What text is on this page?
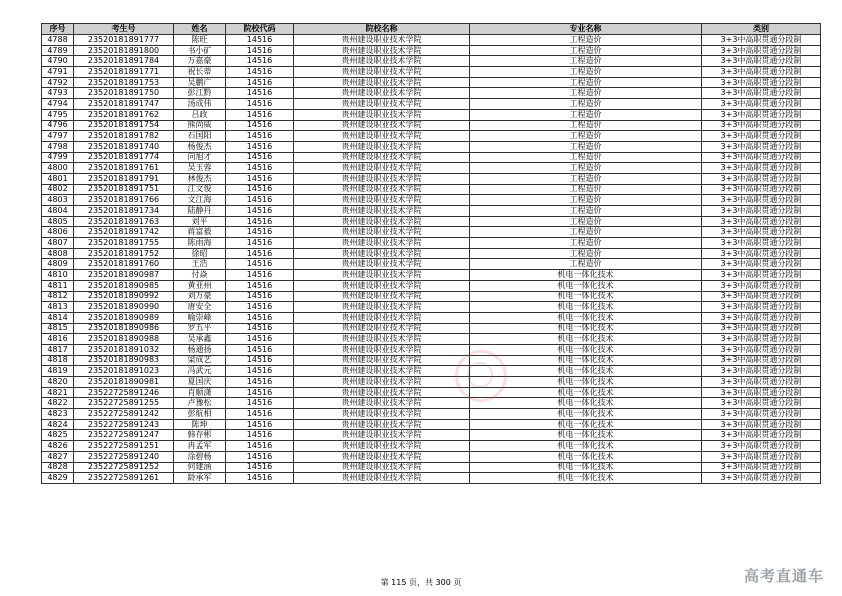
序号	考生号	姓名	院校代码	院校名称	专业名称	类别
4788	23520181891777	陈旺	14516	贵州建设职业技术学院	工程造价	3+3中高职贯通分段制
4789	23520181891800	书小矿	14516	贵州建设职业技术学院	工程造价	3+3中高职贯通分段制
4790	23520181891784	万嘉豪	14516	贵州建设职业技术学院	工程造价	3+3中高职贯通分段制
4791	23520181891771	祝长蒂	14516	贵州建设职业技术学院	工程造价	3+3中高职贯通分段制
4792	23520181891753	吴鹏广	14516	贵州建设职业技术学院	工程造价	3+3中高职贯通分段制
4793	23520181891750	彭江黔	14516	贵州建设职业技术学院	工程造价	3+3中高职贯通分段制
4794	23520181891747	汤成伟	14516	贵州建设职业技术学院	工程造价	3+3中高职贯通分段制
4795	23520181891762	吕政	14516	贵州建设职业技术学院	工程造价	3+3中高职贯通分段制
4796	23520181891754	熊尚威	14516	贵州建设职业技术学院	工程造价	3+3中高职贯通分段制
4797	23520181891782	石国阳	14516	贵州建设职业技术学院	工程造价	3+3中高职贯通分段制
4798	23520181891740	杨俊杰	14516	贵州建设职业技术学院	工程造价	3+3中高职贯通分段制
4799	23520181891774	向旭才	14516	贵州建设职业技术学院	工程造价	3+3中高职贯通分段制
4800	23520181891761	吴玉蓉	14516	贵州建设职业技术学院	工程造价	3+3中高职贯通分段制
4801	23520181891791	林俊杰	14516	贵州建设职业技术学院	工程造价	3+3中高职贯通分段制
4802	23520181891751	江文俊	14516	贵州建设职业技术学院	工程造价	3+3中高职贯通分段制
4803	23520181891766	文江海	14516	贵州建设职业技术学院	工程造价	3+3中高职贯通分段制
4804	23520181891734	陆静丹	14516	贵州建设职业技术学院	工程造价	3+3中高职贯通分段制
4805	23520181891763	刘平	14516	贵州建设职业技术学院	工程造价	3+3中高职贯通分段制
4806	23520181891742	蒋富毅	14516	贵州建设职业技术学院	工程造价	3+3中高职贯通分段制
4807	23520181891755	陈雨海	14516	贵州建设职业技术学院	工程造价	3+3中高职贯通分段制
4808	23520181891752	徐昭	14516	贵州建设职业技术学院	工程造价	3+3中高职贯通分段制
4809	23520181891760	王浩	14516	贵州建设职业技术学院	工程造价	3+3中高职贯通分段制
4810	23520181890987	付焱	14516	贵州建设职业技术学院	机电一体化技术	3+3中高职贯通分段制
4811	23520181890985	黄亚州	14516	贵州建设职业技术学院	机电一体化技术	3+3中高职贯通分段制
4812	23520181890992	刘万豪	14516	贵州建设职业技术学院	机电一体化技术	3+3中高职贯通分段制
4813	23520181890990	唐安全	14516	贵州建设职业技术学院	机电一体化技术	3+3中高职贯通分段制
4814	23520181890989	喻崇峰	14516	贵州建设职业技术学院	机电一体化技术	3+3中高职贯通分段制
4815	23520181890986	罗五平	14516	贵州建设职业技术学院	机电一体化技术	3+3中高职贯通分段制
4816	23520181890988	吴承鑫	14516	贵州建设职业技术学院	机电一体化技术	3+3中高职贯通分段制
4817	23520181891032	杨通扬	14516	贵州建设职业技术学院	机电一体化技术	3+3中高职贯通分段制
4818	23520181890983	梁成艺	14516	贵州建设职业技术学院	机电一体化技术	3+3中高职贯通分段制
4819	23520181891023	冯武元	14516	贵州建设职业技术学院	机电一体化技术	3+3中高职贯通分段制
4820	23520181890981	夏国庆	14516	贵州建设职业技术学院	机电一体化技术	3+3中高职贯通分段制
4821	23522725891246	肖顺潇	14516	贵州建设职业技术学院	机电一体化技术	3+3中高职贯通分段制
4822	23522725891255	卢豫松	14516	贵州建设职业技术学院	机电一体化技术	3+3中高职贯通分段制
4823	23522725891242	彭航相	14516	贵州建设职业技术学院	机电一体化技术	3+3中高职贯通分段制
4824	23522725891243	陈坤	14516	贵州建设职业技术学院	机电一体化技术	3+3中高职贯通分段制
4825	23522725891247	韩存彬	14516	贵州建设职业技术学院	机电一体化技术	3+3中高职贯通分段制
4826	23522725891251	冉孟军	14516	贵州建设职业技术学院	机电一体化技术	3+3中高职贯通分段制
4827	23522725891240	涂碧杨	14516	贵州建设职业技术学院	机电一体化技术	3+3中高职贯通分段制
4828	23522725891252	何建涵	14516	贵州建设职业技术学院	机电一体化技术	3+3中高职贯通分段制
4829	23522725891261	龄承军	14516	贵州建设职业技术学院	机电一体化技术	3+3中高职贯通分段制
第 115 页，共 300 页	高考直通车
